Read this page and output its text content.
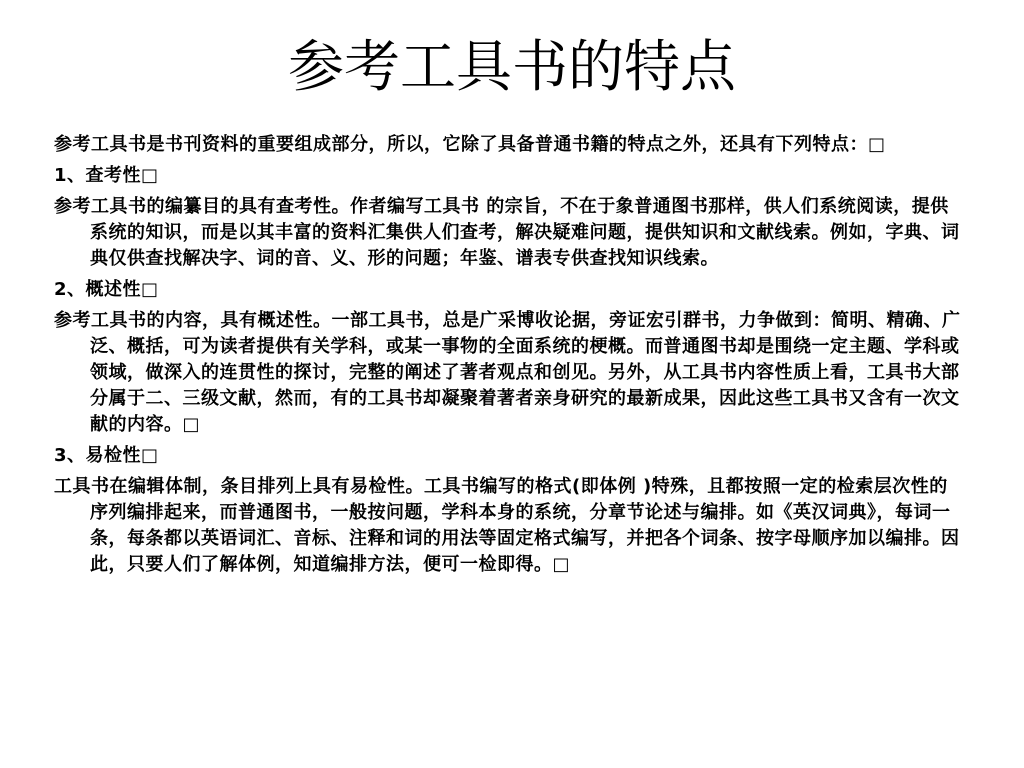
参考工具书的特点

参考工具书是书刊资料的重要组成部分，所以，它除了具备普通书籍的特点之外，还具有下列特点：□

1、查考性□

参考工具书的编纂目的具有查考性。作者编写工具书 的宗旨，不在于象普通图书那样，供人们系统阅读，提供系统的知识，而是以其丰富的资料汇集供人们查考，解决疑难问题，提供知识和文献线索。例如，字典、词典仅供查找解决字、词的音、义、形的问题；年鉴、谱表专供查找知识线索。

2、概述性□

参考工具书的内容，具有概述性。一部工具书，总是广采博收论据，旁证宏引群书，力争做到：简明、精确、广泛、概括，可为读者提供有关学科，或某一事物的全面系统的梗概。而普通图书却是围绕一定主题、学科或领域，做深入的连贯性的探讨，完整的阐述了著者观点和创见。另外，从工具书内容性质上看，工具书大部分属于二、三级文献，然而，有的工具书却凝聚着著者亲身研究的最新成果，因此这些工具书又含有一次文献的内容。□

3、易检性□

工具书在编辑体制，条目排列上具有易检性。工具书编写的格式(即体例 )特殊，且都按照一定的检索层次性的序列编排起来，而普通图书，一般按问题，学科本身的系统，分章节论述与编排。如《英汉词典》，每词一条，每条都以英语词汇、音标、注释和词的用法等固定格式编写，并把各个词条、按字母顺序加以编排。因此，只要人们了解体例，知道编排方法，便可一检即得。□
